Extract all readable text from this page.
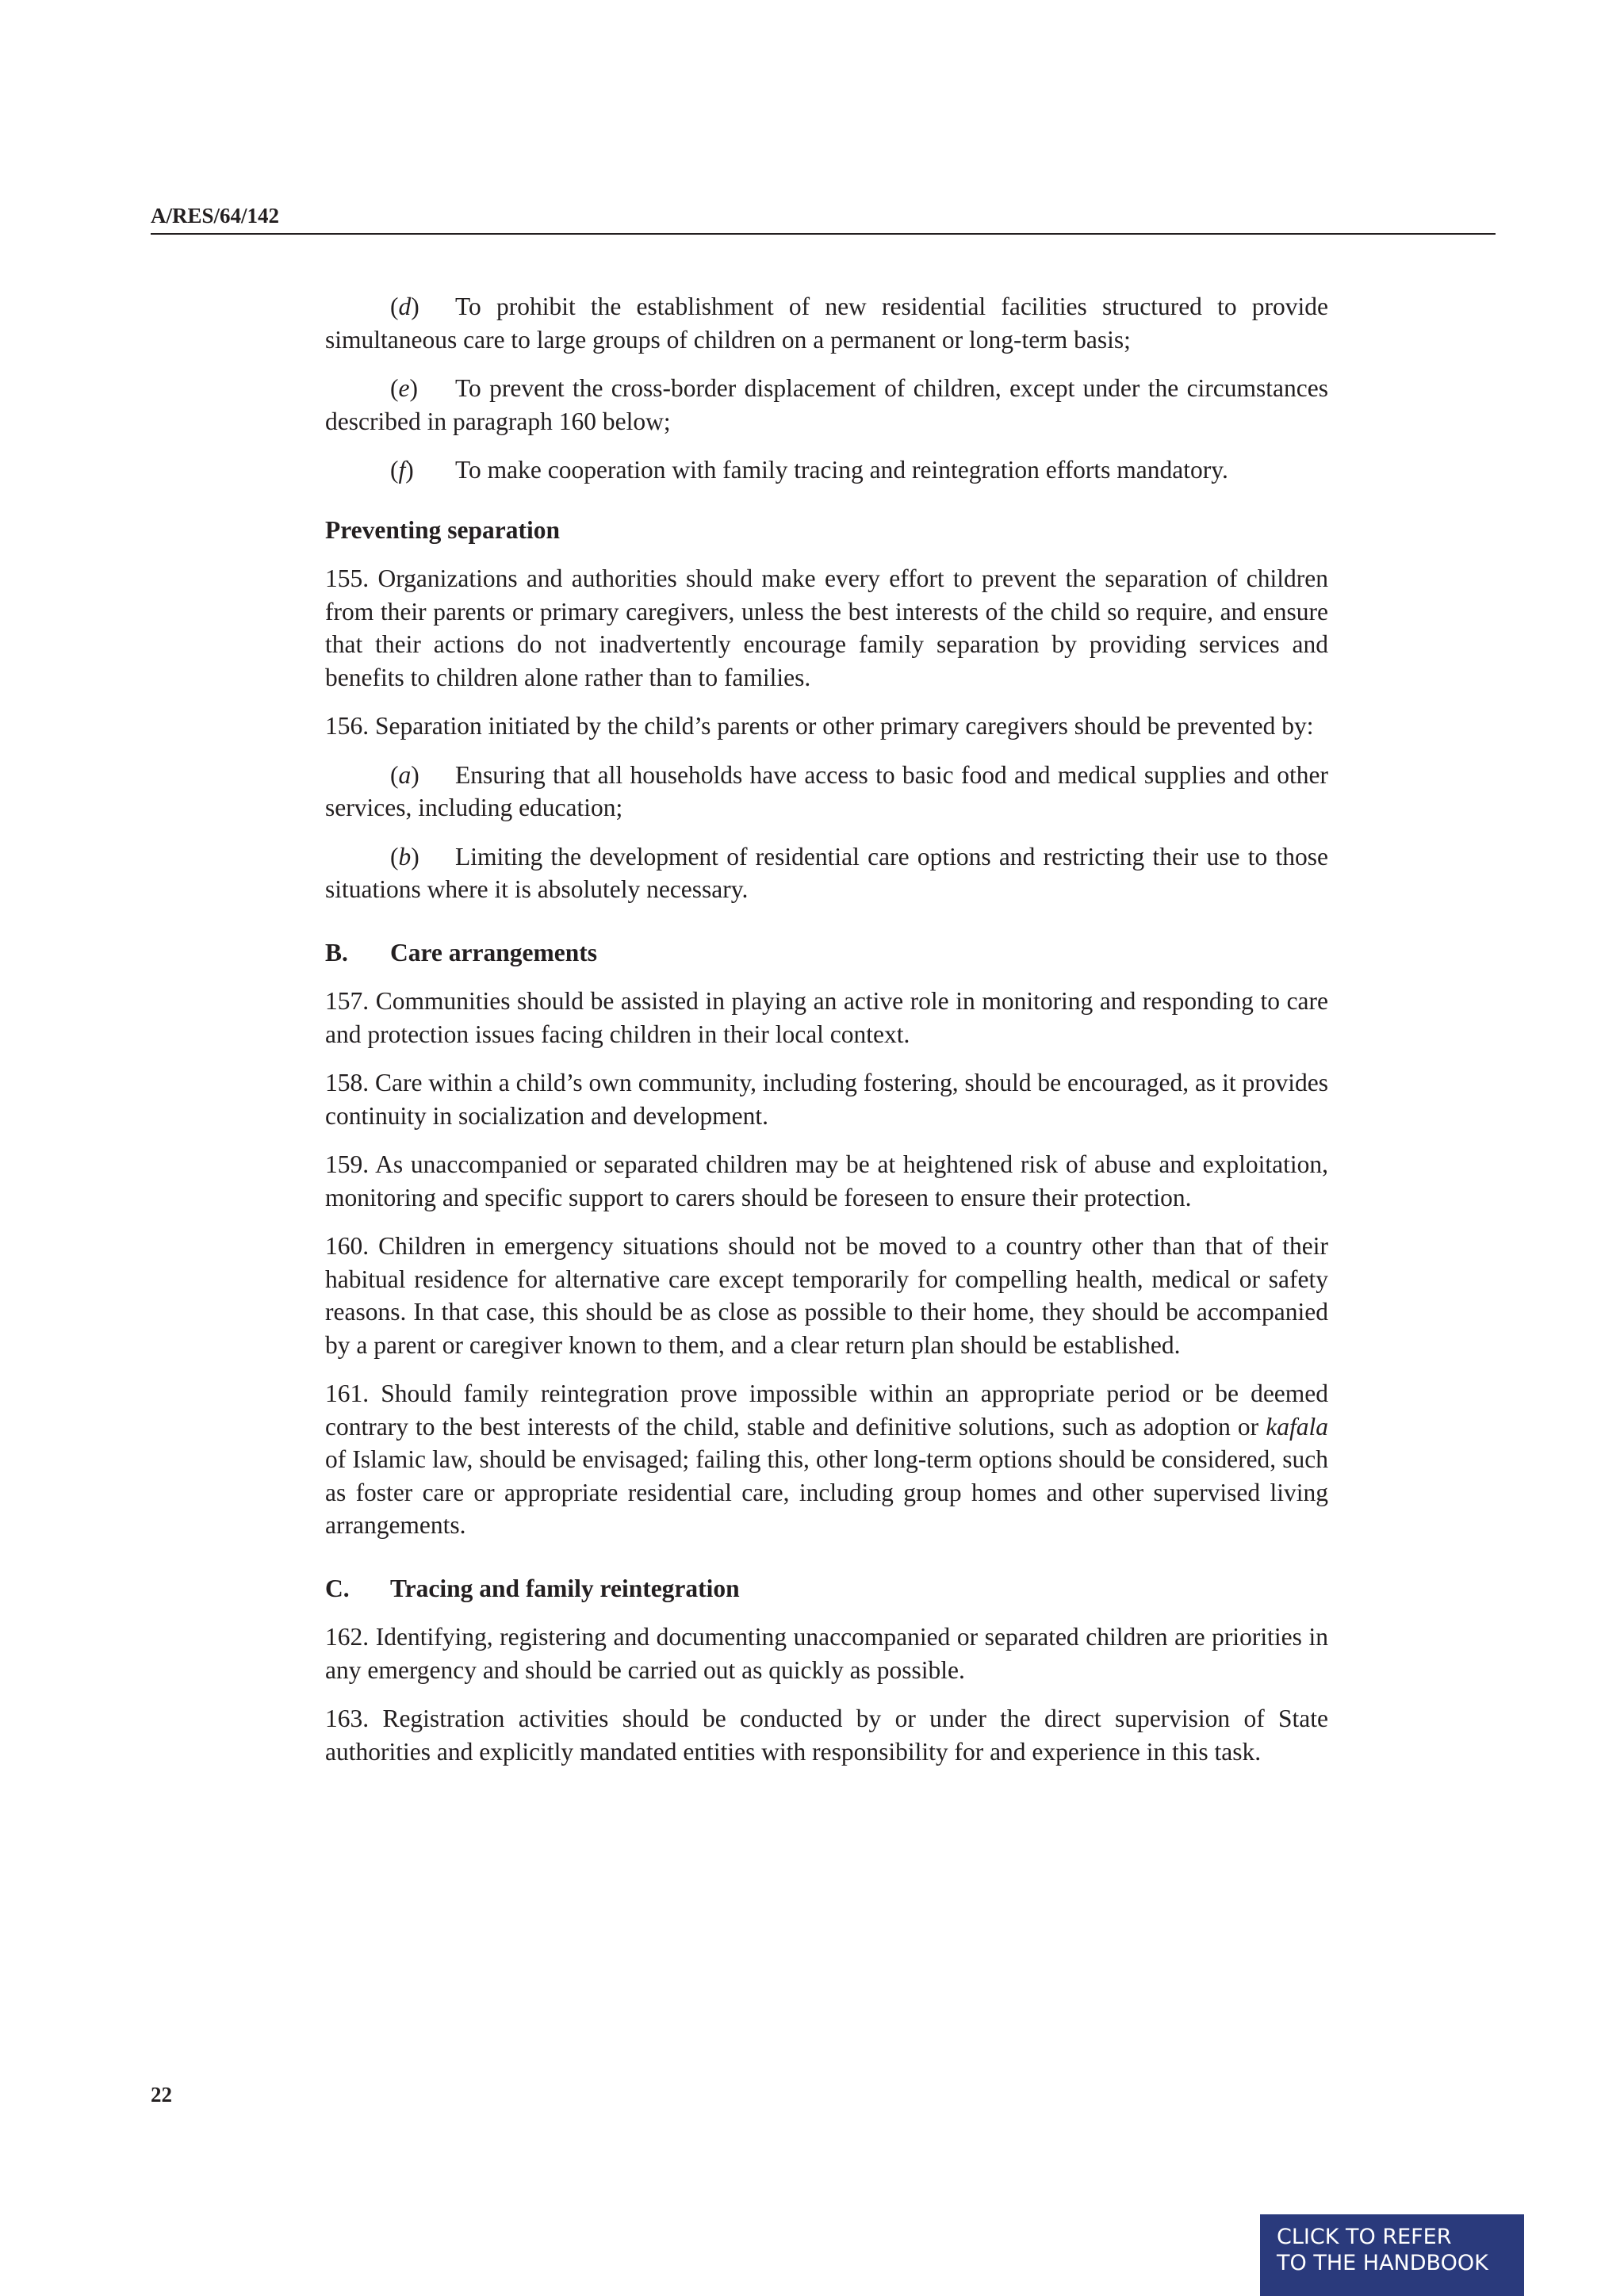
A/RES/64/142

(d) To prohibit the establishment of new residential facilities structured to provide simultaneous care to large groups of children on a permanent or long-term basis;

(e) To prevent the cross-border displacement of children, except under the circumstances described in paragraph 160 below;

(f) To make cooperation with family tracing and reintegration efforts mandatory.

Preventing separation

155. Organizations and authorities should make every effort to prevent the separation of children from their parents or primary caregivers, unless the best interests of the child so require, and ensure that their actions do not inadvertently encourage family separation by providing services and benefits to children alone rather than to families.

156. Separation initiated by the child’s parents or other primary caregivers should be prevented by:

(a) Ensuring that all households have access to basic food and medical supplies and other services, including education;

(b) Limiting the development of residential care options and restricting their use to those situations where it is absolutely necessary.

B. Care arrangements

157. Communities should be assisted in playing an active role in monitoring and responding to care and protection issues facing children in their local context.

158. Care within a child’s own community, including fostering, should be encouraged, as it provides continuity in socialization and development.

159. As unaccompanied or separated children may be at heightened risk of abuse and exploitation, monitoring and specific support to carers should be foreseen to ensure their protection.

160. Children in emergency situations should not be moved to a country other than that of their habitual residence for alternative care except temporarily for compelling health, medical or safety reasons. In that case, this should be as close as possible to their home, they should be accompanied by a parent or caregiver known to them, and a clear return plan should be established.

161. Should family reintegration prove impossible within an appropriate period or be deemed contrary to the best interests of the child, stable and definitive solutions, such as adoption or kafala of Islamic law, should be envisaged; failing this, other long-term options should be considered, such as foster care or appropriate residential care, including group homes and other supervised living arrangements.

C. Tracing and family reintegration

162. Identifying, registering and documenting unaccompanied or separated children are priorities in any emergency and should be carried out as quickly as possible.

163. Registration activities should be conducted by or under the direct supervision of State authorities and explicitly mandated entities with responsibility for and experience in this task.

22

CLICK TO REFER
TO THE HANDBOOK
